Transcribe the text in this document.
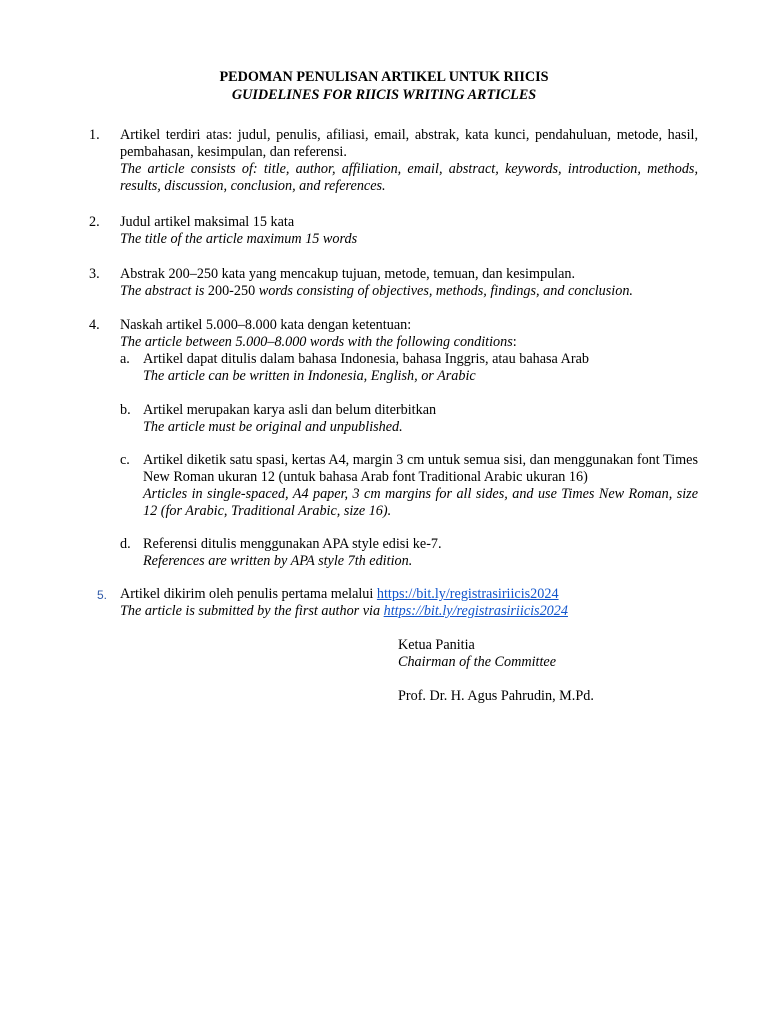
PEDOMAN PENULISAN ARTIKEL UNTUK RIICIS
GUIDELINES FOR RIICIS WRITING ARTICLES
1.	Artikel terdiri atas: judul, penulis, afiliasi, email, abstrak, kata kunci, pendahuluan, metode, hasil, pembahasan, kesimpulan, dan referensi.
The article consists of: title, author, affiliation, email, abstract, keywords, introduction, methods, results, discussion, conclusion, and references.
2.	Judul artikel maksimal 15 kata
The title of the article maximum 15 words
3.	Abstrak 200–250 kata yang mencakup tujuan, metode, temuan, dan kesimpulan.
The abstract is 200-250 words consisting of objectives, methods, findings, and conclusion.
4.	Naskah artikel 5.000–8.000 kata dengan ketentuan:
The article between 5.000–8.000 words with the following conditions:
a. Artikel dapat ditulis dalam bahasa Indonesia, bahasa Inggris, atau bahasa Arab
The article can be written in Indonesia, English, or Arabic
b. Artikel merupakan karya asli dan belum diterbitkan
The article must be original and unpublished.
c. Artikel diketik satu spasi, kertas A4, margin 3 cm untuk semua sisi, dan menggunakan font Times New Roman ukuran 12 (untuk bahasa Arab font Traditional Arabic ukuran 16)
Articles in single-spaced, A4 paper, 3 cm margins for all sides, and use Times New Roman, size 12 (for Arabic, Traditional Arabic, size 16).
d. Referensi ditulis menggunakan APA style edisi ke-7.
References are written by APA style 7th edition.
5. Artikel dikirim oleh penulis pertama melalui https://bit.ly/registrasiriicis2024
The article is submitted by the first author via https://bit.ly/registrasiriicis2024
Ketua Panitia
Chairman of the Committee
Prof. Dr. H. Agus Pahrudin, M.Pd.
